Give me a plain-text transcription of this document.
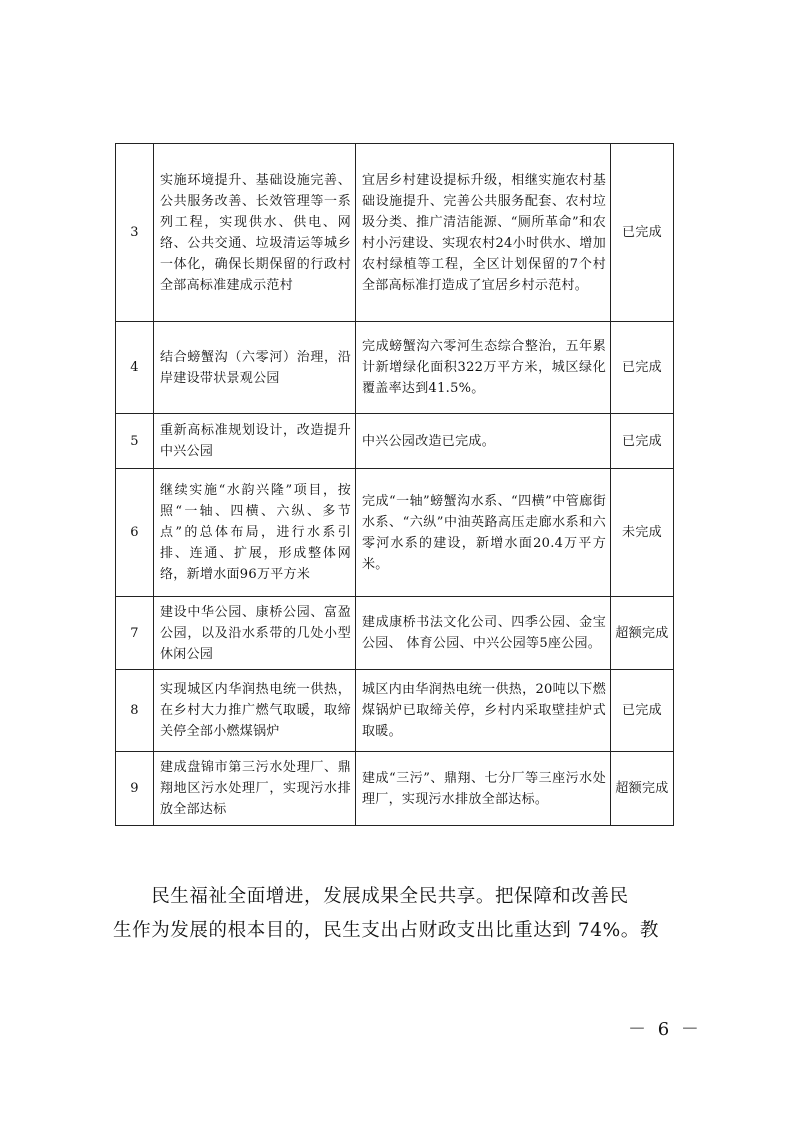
3	实施环境提升、基础设施完善、公共服务改善、长效管理等一系列工程，实现供水、供电、网络、公共交通、垃圾清运等城乡一体化，确保长期保留的行政村全部高标准建成示范村	宜居乡村建设提标升级，相继实施农村基础设施提升、完善公共服务配套、农村垃圾分类、推广清洁能源、“厕所革命”和农村小污建设、实现农村24小时供水、增加农村绿植等工程，全区计划保留的7个村全部高标准打造成了宜居乡村示范村。	已完成
4	结合螃蟹沟（六零河）治理，沿岸建设带状景观公园	完成螃蟹沟六零河生态综合整治，五年累计新增绿化面积322万平方米，城区绿化覆盖率达到41.5%。	已完成
5	重新高标准规划设计，改造提升中兴公园	中兴公园改造已完成。	已完成
6	继续实施“水韵兴隆”项目，按照“一轴、四横、六纵、多节点”的总体布局，进行水系引排、连通、扩展，形成整体网络，新增水面96万平方米	完成“一轴”螃蟹沟水系、“四横”中管廊街水系、“六纵”中油英路高压走廊水系和六零河水系的建设，新增水面20.4万平方米。	未完成
7	建设中华公园、康桥公园、富盈公园，以及沿水系带的几处小型休闲公园	建成康桥书法文化公司、四季公园、金宝公园、 体育公园、中兴公园等5座公园。	超额完成
8	实现城区内华润热电统一供热，在乡村大力推广燃气取暖，取缔关停全部小燃煤锅炉	城区内由华润热电统一供热，20吨以下燃煤锅炉已取缔关停，乡村内采取壁挂炉式取暖。	已完成
9	建成盘锦市第三污水处理厂、鼎翔地区污水处理厂，实现污水排放全部达标	建成“三污”、鼎翔、七分厂等三座污水处理厂，实现污水排放全部达标。	超额完成
　　民生福祉全面增进，发展成果全民共享。把保障和改善民
生作为发展的根本目的，民生支出占财政支出比重达到 74%。教
－ 6 －
